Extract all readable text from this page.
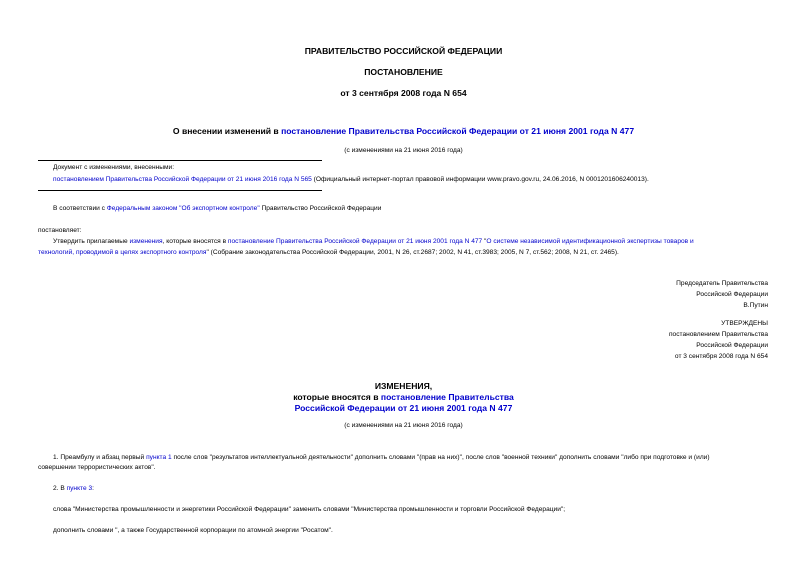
ПРАВИТЕЛЬСТВО РОССИЙСКОЙ ФЕДЕРАЦИИ
ПОСТАНОВЛЕНИЕ
от 3 сентября 2008 года N 654
О внесении изменений в постановление Правительства Российской Федерации от 21 июня 2001 года N 477
(с изменениями на 21 июня 2016 года)
Документ с изменениями, внесенными:
постановлением Правительства Российской Федерации от 21 июня 2016 года N 565 (Официальный интернет-портал правовой информации www.pravo.gov.ru, 24.06.2016, N 0001201606240013).
В соответствии с Федеральным законом "Об экспортном контроле" Правительство Российской Федерации
постановляет:
Утвердить прилагаемые изменения, которые вносятся в постановление Правительства Российской Федерации от 21 июня 2001 года N 477 "О системе независимой идентификационной экспертизы товаров и
технологий, проводимой в целях экспортного контроля" (Собрание законодательства Российской Федерации, 2001, N 26, ст.2687; 2002, N 41, ст.3983; 2005, N 7, ст.562; 2008, N 21, ст. 2465).
Председатель Правительства
Российской Федерации
В.Путин
УТВЕРЖДЕНЫ
постановлением Правительства
Российской Федерации
от 3 сентября 2008 года N 654
ИЗМЕНЕНИЯ,
которые вносятся в постановление Правительства
Российской Федерации от 21 июня 2001 года N 477
(с изменениями на 21 июня 2016 года)
1. Преамбулу и абзац первый пункта 1 после слов "результатов интеллектуальной деятельности" дополнить словами "(прав на них)", после слов "военной техники" дополнить словами "либо при подготовке и (или)
совершении террористических актов".
2. В пункте 3:
слова "Министерства промышленности и энергетики Российской Федерации" заменить словами "Министерства промышленности и торговли Российской Федерации";
дополнить словами ", а также Государственной корпорации по атомной энергии "Росатом".
